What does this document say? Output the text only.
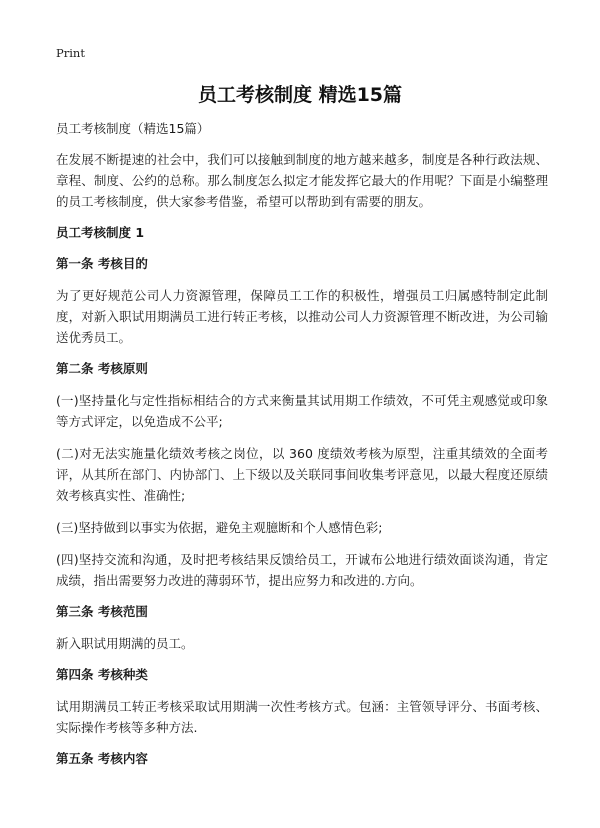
Print
员工考核制度 精选15篇
员工考核制度（精选15篇）

在发展不断提速的社会中，我们可以接触到制度的地方越来越多，制度是各种行政法规、章程、制度、公约的总称。那么制度怎么拟定才能发挥它最大的作用呢？下面是小编整理的员工考核制度，供大家参考借鉴，希望可以帮助到有需要的朋友。

员工考核制度 1
第一条 考核目的

为了更好规范公司人力资源管理，保障员工工作的积极性，增强员工归属感特制定此制度，对新入职试用期满员工进行转正考核，以推动公司人力资源管理不断改进，为公司输送优秀员工。

第二条 考核原则

(一)坚持量化与定性指标相结合的方式来衡量其试用期工作绩效，不可凭主观感觉或印象等方式评定，以免造成不公平;

(二)对无法实施量化绩效考核之岗位，以 360 度绩效考核为原型，注重其绩效的全面考评，从其所在部门、内协部门、上下级以及关联同事间收集考评意见，以最大程度还原绩效考核真实性、准确性;

(三)坚持做到以事实为依据，避免主观臆断和个人感情色彩;

(四)坚持交流和沟通，及时把考核结果反馈给员工，开诚布公地进行绩效面谈沟通，肯定成绩，指出需要努力改进的薄弱环节，提出应努力和改进的.方向。

第三条 考核范围

新入职试用期满的员工。

第四条 考核种类

试用期满员工转正考核采取试用期满一次性考核方式。包涵：主管领导评分、书面考核、实际操作考核等多种方法.

第五条 考核内容
